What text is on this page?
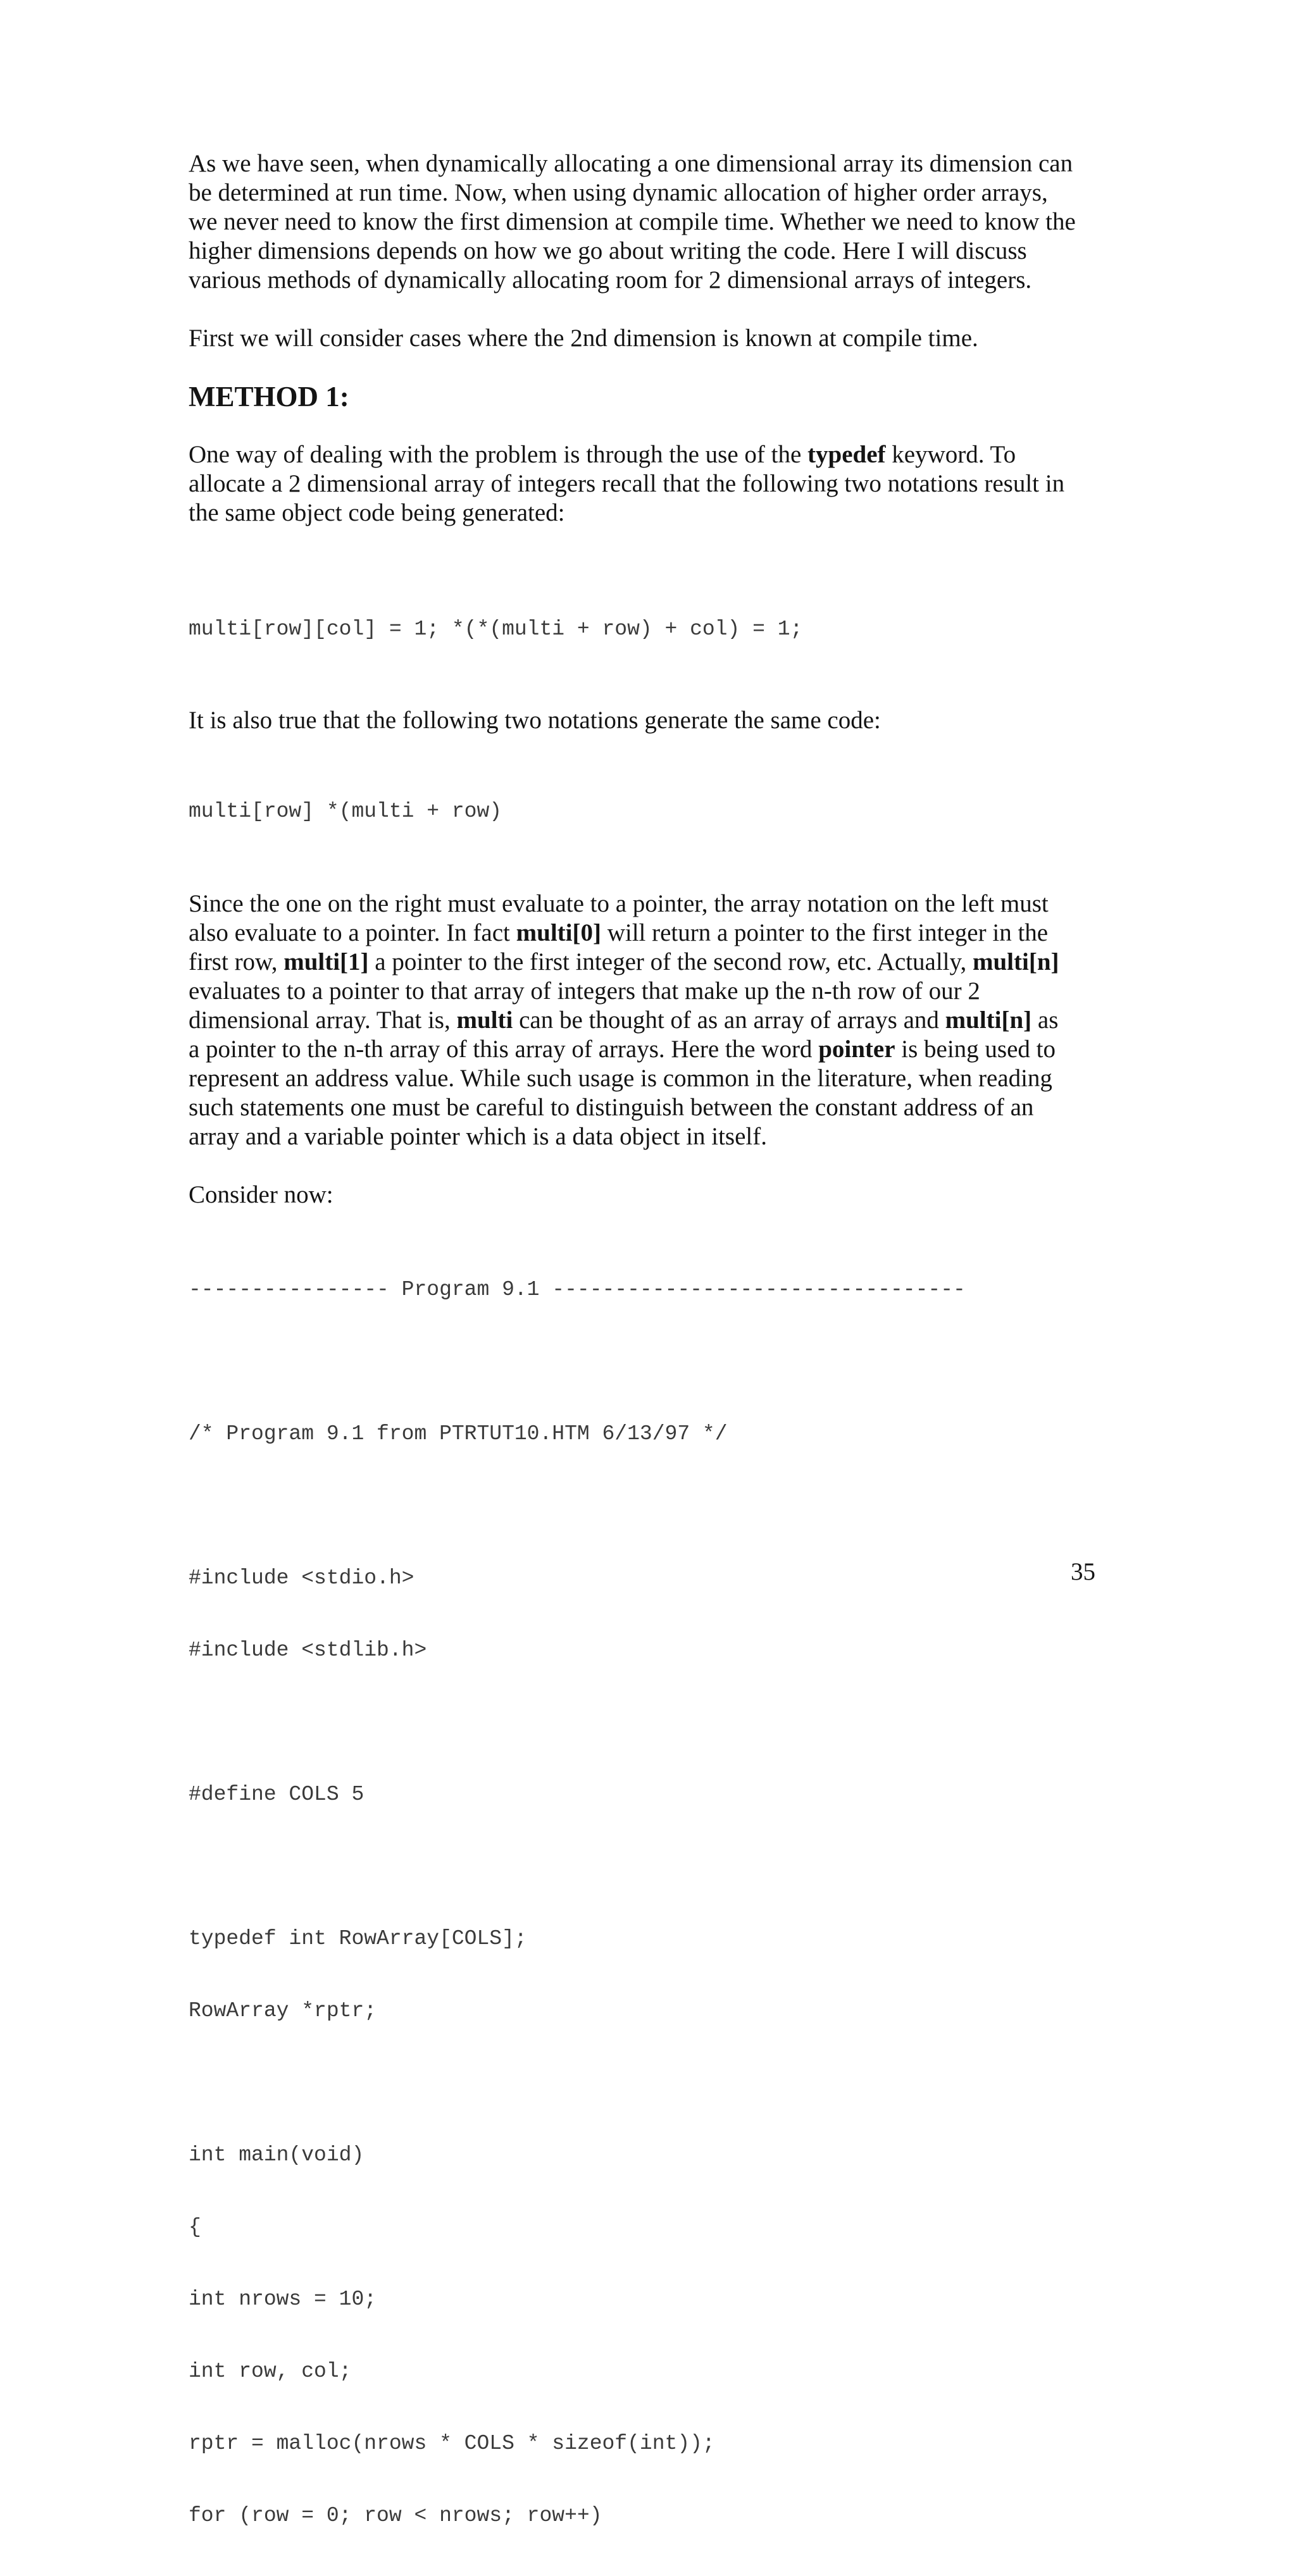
As we have seen, when dynamically allocating a one dimensional array its dimension can
be determined at run time. Now, when using dynamic allocation of higher order arrays,
we never need to know the first dimension at compile time. Whether we need to know the
higher dimensions depends on how we go about writing the code. Here I will discuss
various methods of dynamically allocating room for 2 dimensional arrays of integers.

First we will consider cases where the 2nd dimension is known at compile time.

METHOD 1:

One way of dealing with the problem is through the use of the typedef keyword. To
allocate a 2 dimensional array of integers recall that the following two notations result in
the same object code being generated:

multi[row][col] = 1; *(*(multi + row) + col) = 1;

It is also true that the following two notations generate the same code:

multi[row] *(multi + row)

Since the one on the right must evaluate to a pointer, the array notation on the left must
also evaluate to a pointer. In fact multi[0] will return a pointer to the first integer in the
first row, multi[1] a pointer to the first integer of the second row, etc. Actually, multi[n]
evaluates to a pointer to that array of integers that make up the n-th row of our 2
dimensional array. That is, multi can be thought of as an array of arrays and multi[n] as
a pointer to the n-th array of this array of arrays. Here the word pointer is being used to
represent an address value. While such usage is common in the literature, when reading
such statements one must be careful to distinguish between the constant address of an
array and a variable pointer which is a data object in itself.

Consider now:

---------------- Program 9.1 ---------------------------------

/* Program 9.1 from PTRTUT10.HTM 6/13/97 */

#include <stdio.h>

#include <stdlib.h>

#define COLS 5

typedef int RowArray[COLS];

RowArray *rptr;

int main(void)

{

int nrows = 10;

int row, col;

rptr = malloc(nrows * COLS * sizeof(int));

for (row = 0; row < nrows; row++)

35
